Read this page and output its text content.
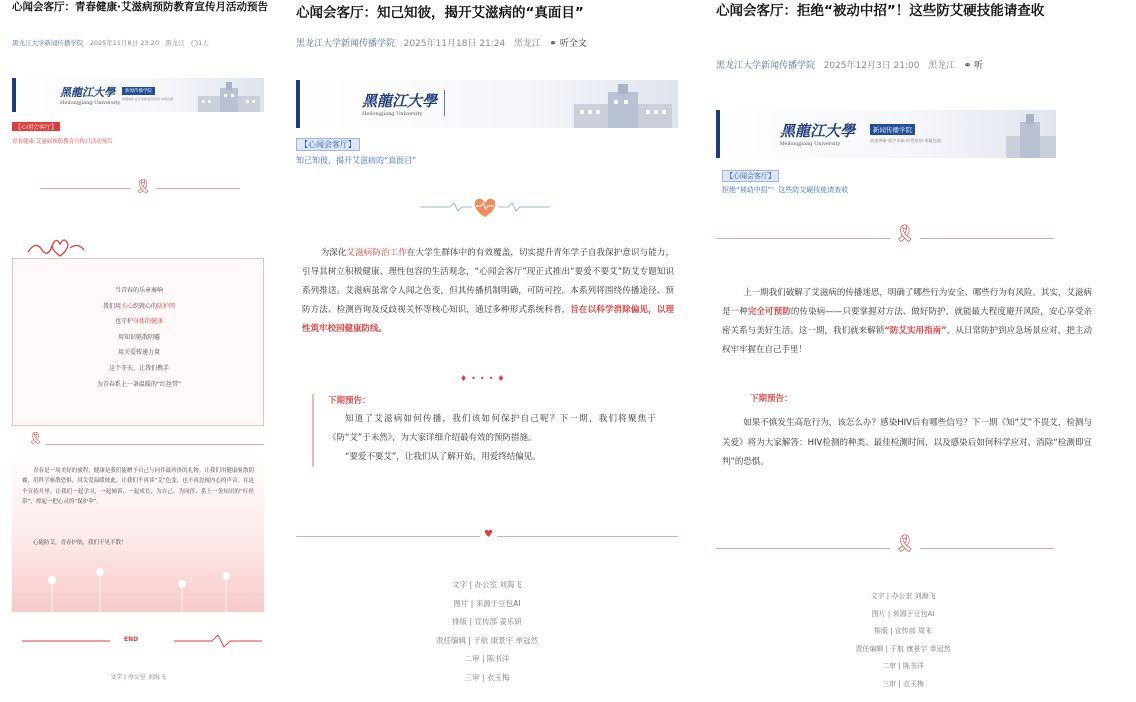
心闻会客厅：青春健康·艾滋病预防教育宣传月活动预告
黑龙江大学新闻传播学院 2025年11月8日 23:20 黑龙江 ◯1人
黑龍江大學
Heilongjiang University
新闻传播学院
同道善新·拓宇求新·经世致用·求索弘道
【心闻会客厅】
青春健康·艾滋病预防教育宣传月活动预告
🎗
当青春的乐章奏响
我们用关心织就心的防护网
也守护身体的健康
用知识驱散阴霾
用关爱传递力量
这个冬天，让我们携手
为青春系上一条温暖的“红丝带”
🎗
青春是一场美好的旅程，健康是我们能赠予自己与同伴最珍贵的礼物。让我们用健康驱散阴霾，用科学驱散恐惧，用关爱温暖彼此，让我们不再谈“艾”色变，也不再忽视内心的声音。在这个宣传月里，让我们一起学习，一起倾诉，一起成长，为自己、为同伴、系上一条知识的“红丝带”，撑起一把心灵的“保护伞”。
心随防艾，青春护航，我们不见不散！
END
文字 | 办公室 刘海飞
心闻会客厅：知己知彼，揭开艾滋病的“真面目”
黑龙江大学新闻传播学院 2025年11月18日 21:24 黑龙江 ⚭ 听全文
黑龍江大學
Heilongjiang University
【心闻会客厅】
知己知彼，揭开艾滋病的“真面目”
为深化艾滋病防治工作在大学生群体中的有效覆盖，切实提升青年学子自我保护意识与能力，引导其树立积极健康、理性包容的生活观念，“心闻会客厅”现正式推出“要爱不要艾”防艾专题知识系列推送。艾滋病虽常令人闻之色变，但其传播机制明确，可防可控。本系列将围绕传播途径、预防方法、检测咨询及反歧视关怀等核心知识，通过多种形式系统科普，旨在以科学消除偏见，以理性筑牢校园健康防线。
♦•••♦
下期预告：
知道了艾滋病如何传播，我们该如何保护自己呢？下一期，我们将聚焦于《防“艾”于未然》，为大家详细介绍最有效的预防措施。
“要爱不要艾”，让我们从了解开始，用爱终结偏见。
♥
文字 | 办公室 刘海飞
图片 | 来源于豆包AI
排版 | 宣传部 姜乐妍
责任编辑 | 于航 康景宇 单冠然
二审 | 陈书洋
三审 | 衣玉梅
心闻会客厅：拒绝“被动中招”！这些防艾硬技能请查收
黑龙江大学新闻传播学院 2025年12月3日 21:00 黑龙江 ⚭ 听
黑龍江大學
Heilongjiang University
新闻传播学院
同道善新·拓宇求新·经世致用·求索弘道
【心闻会客厅】
拒绝“被动中招”！这些防艾硬技能请查收
🎗
上一期我们破解了艾滋病的传播迷思，明确了哪些行为安全、哪些行为有风险。其实，艾滋病是一种完全可预防的传染病——只要掌握对方法、做好防护，就能最大程度避开风险，安心享受亲密关系与美好生活。这一期，我们就来解锁“防艾实用指南”，从日常防护到应急场景应对，把主动权牢牢握在自己手里！
下期预告：
如果不慎发生高危行为，该怎么办？感染HIV后有哪些信号？下一期《知“艾”不畏艾，检测与关爱》将为大家解答：HIV检测的种类、最佳检测时间，以及感染后如何科学应对，消除“检测即宣判”的恐惧。
🎗
文字 | 办公室 刘海飞
图片 | 来源于豆包AI
排版 | 宣传部 周末
责任编辑 | 于航 康景宇 单冠然
二审 | 陈书洋
三审 | 衣玉梅
